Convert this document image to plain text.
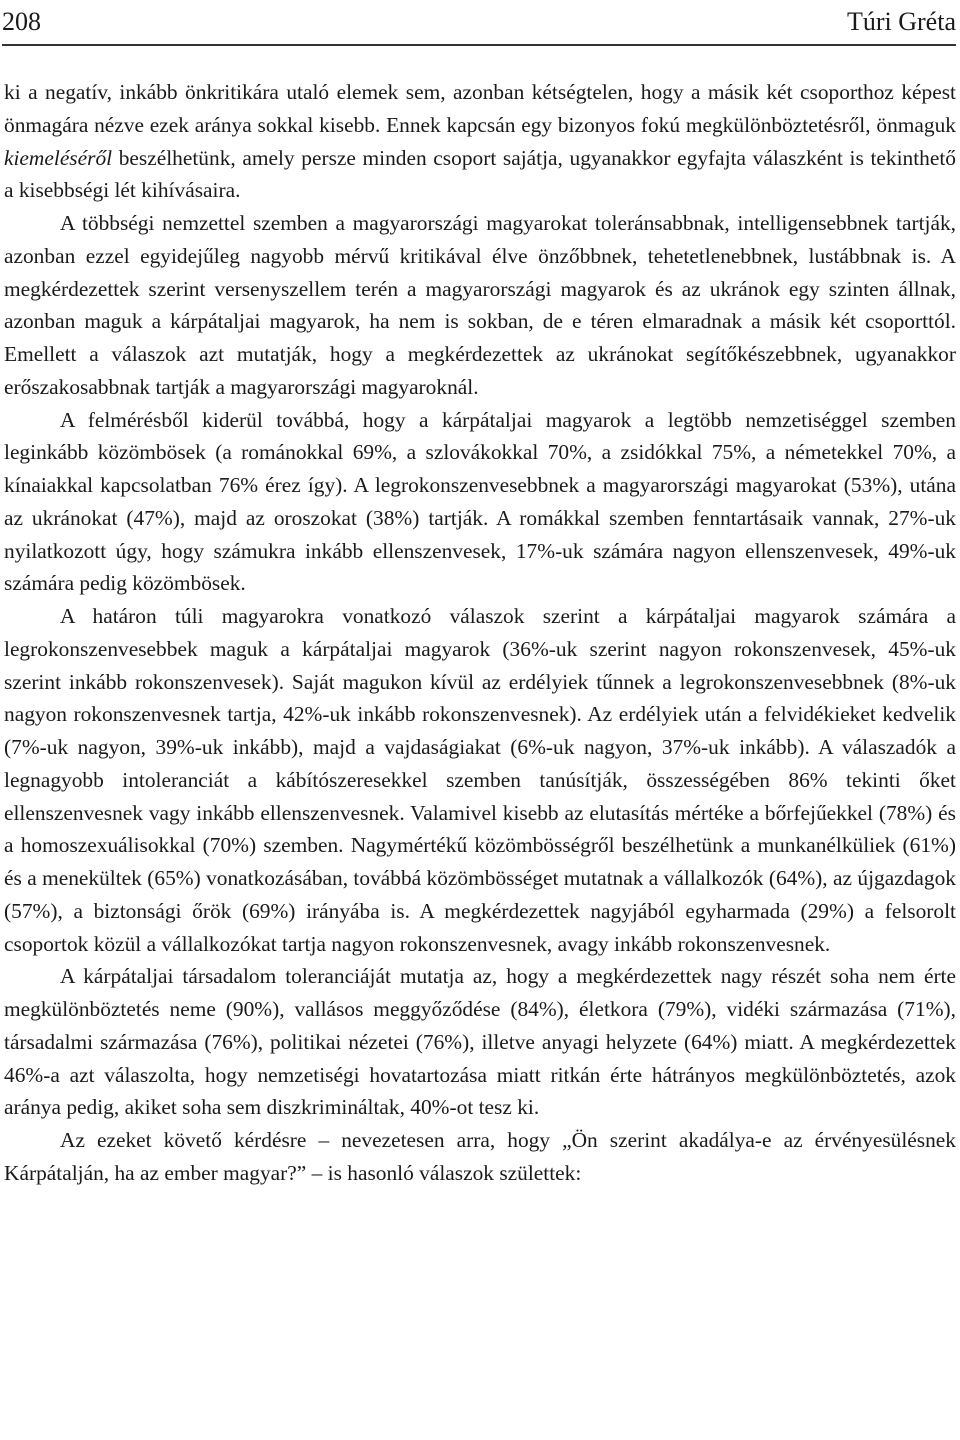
208	Túri Gréta

ki a negatív, inkább önkritikára utaló elemek sem, azonban kétségtelen, hogy a másik két csoporthoz képest önmagára nézve ezek aránya sokkal kisebb. Ennek kapcsán egy bizonyos fokú megkülönböztetésről, önmaguk kiemeléséről beszélhetünk, amely persze minden csoport sajátja, ugyanakkor egyfajta válaszként is tekinthető a kisebbségi lét kihívásaira.

A többségi nemzettel szemben a magyarországi magyarokat toleránsabbnak, intelligensebbnek tartják, azonban ezzel egyidejűleg nagyobb mérvű kritikával élve önzőbbnek, tehetetlenebbnek, lustábbnak is. A megkérdezettek szerint versenyszellem terén a magyarországi magyarok és az ukránok egy szinten állnak, azonban maguk a kárpátaljai magyarok, ha nem is sokban, de e téren elmaradnak a másik két csoporttól. Emellett a válaszok azt mutatják, hogy a megkérdezettek az ukránokat segítőkészebbnek, ugyanakkor erőszakosabbnak tartják a magyarországi magyaroknál.

A felmérésből kiderül továbbá, hogy a kárpátaljai magyarok a legtöbb nemzetiséggel szemben leginkább közömbösek (a románokkal 69%, a szlovákokkal 70%, a zsidókkal 75%, a németekkel 70%, a kínaiakkal kapcsolatban 76% érez így). A legrokonszenvesebbnek a magyarországi magyarokat (53%), utána az ukránokat (47%), majd az oroszokat (38%) tartják. A romákkal szemben fenntartásaik vannak, 27%-uk nyilatkozott úgy, hogy számukra inkább ellenszenvesek, 17%-uk számára nagyon ellenszenvesek, 49%-uk számára pedig közömbösek.

A határon túli magyarokra vonatkozó válaszok szerint a kárpátaljai magyarok számára a legrokonszenvesebbek maguk a kárpátaljai magyarok (36%-uk szerint nagyon rokonszenvesek, 45%-uk szerint inkább rokonszenvesek). Saját magukon kívül az erdélyiek tűnnek a legrokonszenvesebbnek (8%-uk nagyon rokonszenvesnek tartja, 42%-uk inkább rokonszenvesnek). Az erdélyiek után a felvidékieket kedvelik (7%-uk nagyon, 39%-uk inkább), majd a vajdaságiakat (6%-uk nagyon, 37%-uk inkább). A válaszadók a legnagyobb intoleranciát a kábítószeresekkel szemben tanúsítják, összességében 86% tekinti őket ellenszenvesnek vagy inkább ellenszenvesnek. Valamivel kisebb az elutasítás mértéke a bőrfejűekkel (78%) és a homoszexuálisokkal (70%) szemben. Nagymértékű közömbösségről beszélhetünk a munkanélküliek (61%) és a menekültek (65%) vonatkozásában, továbbá közömbösséget mutatnak a vállalkozók (64%), az újgazdagok (57%), a biztonsági őrök (69%) irányába is. A megkérdezettek nagyjából egyharmada (29%) a felsorolt csoportok közül a vállalkozókat tartja nagyon rokonszenvesnek, avagy inkább rokonszenvesnek.

A kárpátaljai társadalom toleranciáját mutatja az, hogy a megkérdezettek nagy részét soha nem érte megkülönböztetés neme (90%), vallásos meggyőződése (84%), életkora (79%), vidéki származása (71%), társadalmi származása (76%), politikai nézetei (76%), illetve anyagi helyzete (64%) miatt. A megkérdezettek 46%-a azt válaszolta, hogy nemzetiségi hovatartozása miatt ritkán érte hátrányos megkülönböztetés, azok aránya pedig, akiket soha sem diszkrimináltak, 40%-ot tesz ki.

Az ezeket követő kérdésre – nevezetesen arra, hogy „Ön szerint akadálya-e az érvényesülésnek Kárpátalján, ha az ember magyar?” – is hasonló válaszok születtek:
